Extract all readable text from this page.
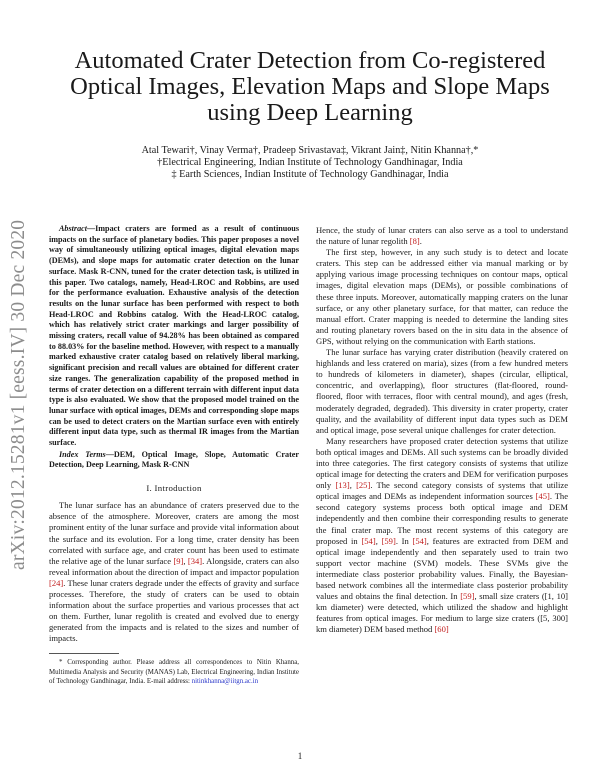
arXiv:2012.15281v1 [eess.IV] 30 Dec 2020
Automated Crater Detection from Co-registered
Optical Images, Elevation Maps and Slope Maps
using Deep Learning
Atal Tewari†, Vinay Verma†, Pradeep Srivastava‡, Vikrant Jain‡, Nitin Khanna†,*
†Electrical Engineering, Indian Institute of Technology Gandhinagar, India
‡ Earth Sciences, Indian Institute of Technology Gandhinagar, India

Abstract—Impact craters are formed as a result of continuous impacts on the surface of planetary bodies. This paper proposes a novel way of simultaneously utilizing optical images, digital elevation maps (DEMs), and slope maps for automatic crater detection on the lunar surface. Mask R-CNN, tuned for the crater detection task, is utilized in this paper. Two catalogs, namely, Head-LROC and Robbins, are used for the performance evaluation. Exhaustive analysis of the detection results on the lunar surface has been performed with respect to both Head-LROC and Robbins catalog. With the Head-LROC catalog, which has relatively strict crater markings and larger possibility of missing craters, recall value of 94.28% has been obtained as compared to 88.03% for the baseline method. However, with respect to a manually marked exhaustive crater catalog based on relatively liberal marking, significant precision and recall values are obtained for different crater size ranges. The generalization capability of the proposed method in terms of crater detection on a different terrain with different input data type is also evaluated. We show that the proposed model trained on the lunar surface with optical images, DEMs and corresponding slope maps can be used to detect craters on the Martian surface even with entirely different input data type, such as thermal IR images from the Martian surface.

Index Terms—DEM, Optical Image, Slope, Automatic Crater Detection, Deep Learning, Mask R-CNN

I. Introduction

The lunar surface has an abundance of craters preserved due to the absence of the atmosphere. Moreover, craters are among the most prominent entity of the lunar surface and provide vital information about the surface and its evolution. For a long time, crater density has been correlated with surface age, and crater count has been used to estimate the relative age of the lunar surface [9], [34]. Alongside, craters can also reveal information about the direction of impact and impactor population [24]. These lunar craters degrade under the effects of gravity and surface processes. Therefore, the study of craters can be used to obtain information about the surface properties and various processes that act on them. Further, lunar regolith is created and evolved due to energy generated from the impacts and is related to the sizes and number of impacts.

* Corresponding author. Please address all correspondences to Nitin Khanna, Multimedia Analysis and Security (MANAS) Lab, Electrical Engineering, Indian Institute of Technology Gandhinagar, India. E-mail address: nitinkhanna@iitgn.ac.in

Hence, the study of lunar craters can also serve as a tool to understand the nature of lunar regolith [8].

The first step, however, in any such study is to detect and locate craters. This step can be addressed either via manual marking or by applying various image processing techniques on contour maps, optical images, digital elevation maps (DEMs), or possible combinations of these three inputs. Moreover, automatically mapping craters on the lunar surface, or any other planetary surface, for that matter, can reduce the manual effort. Crater mapping is needed to determine the landing sites and routing planetary rovers based on the in situ data in the absence of GPS, without relying on the communication with Earth stations.

The lunar surface has varying crater distribution (heavily cratered on highlands and less cratered on maria), sizes (from a few hundred meters to hundreds of kilometers in diameter), shapes (circular, elliptical, concentric, and overlapping), floor structures (flat-floored, round-floored, floor with terraces, floor with central mound), and ages (fresh, moderately degraded, degraded). This diversity in crater property, crater quality, and the availability of different input data types such as DEM and optical image, pose several unique challenges for crater detection.

Many researchers have proposed crater detection systems that utilize both optical images and DEMs. All such systems can be broadly divided into three categories. The first category consists of systems that utilize optical image for detecting the craters and DEM for verification purposes only [13], [25]. The second category consists of systems that utilize optical images and DEMs as independent information sources [45]. The second category systems process both optical image and DEM independently and then combine their corresponding results to generate the final crater map. The most recent systems of this category are proposed in [54], [59]. In [54], features are extracted from DEM and optical image independently and then separately used to train two support vector machine (SVM) models. These SVMs give the intermediate class posterior probability values. Finally, the Bayesian-based network combines all the intermediate class posterior probability values and obtains the final detection. In [59], small size craters ([1, 10] km diameter) were detected, which utilized the shadow and highlight features from optical images. For medium to large size craters ([5, 300] km diameter) DEM based method [60]

1
